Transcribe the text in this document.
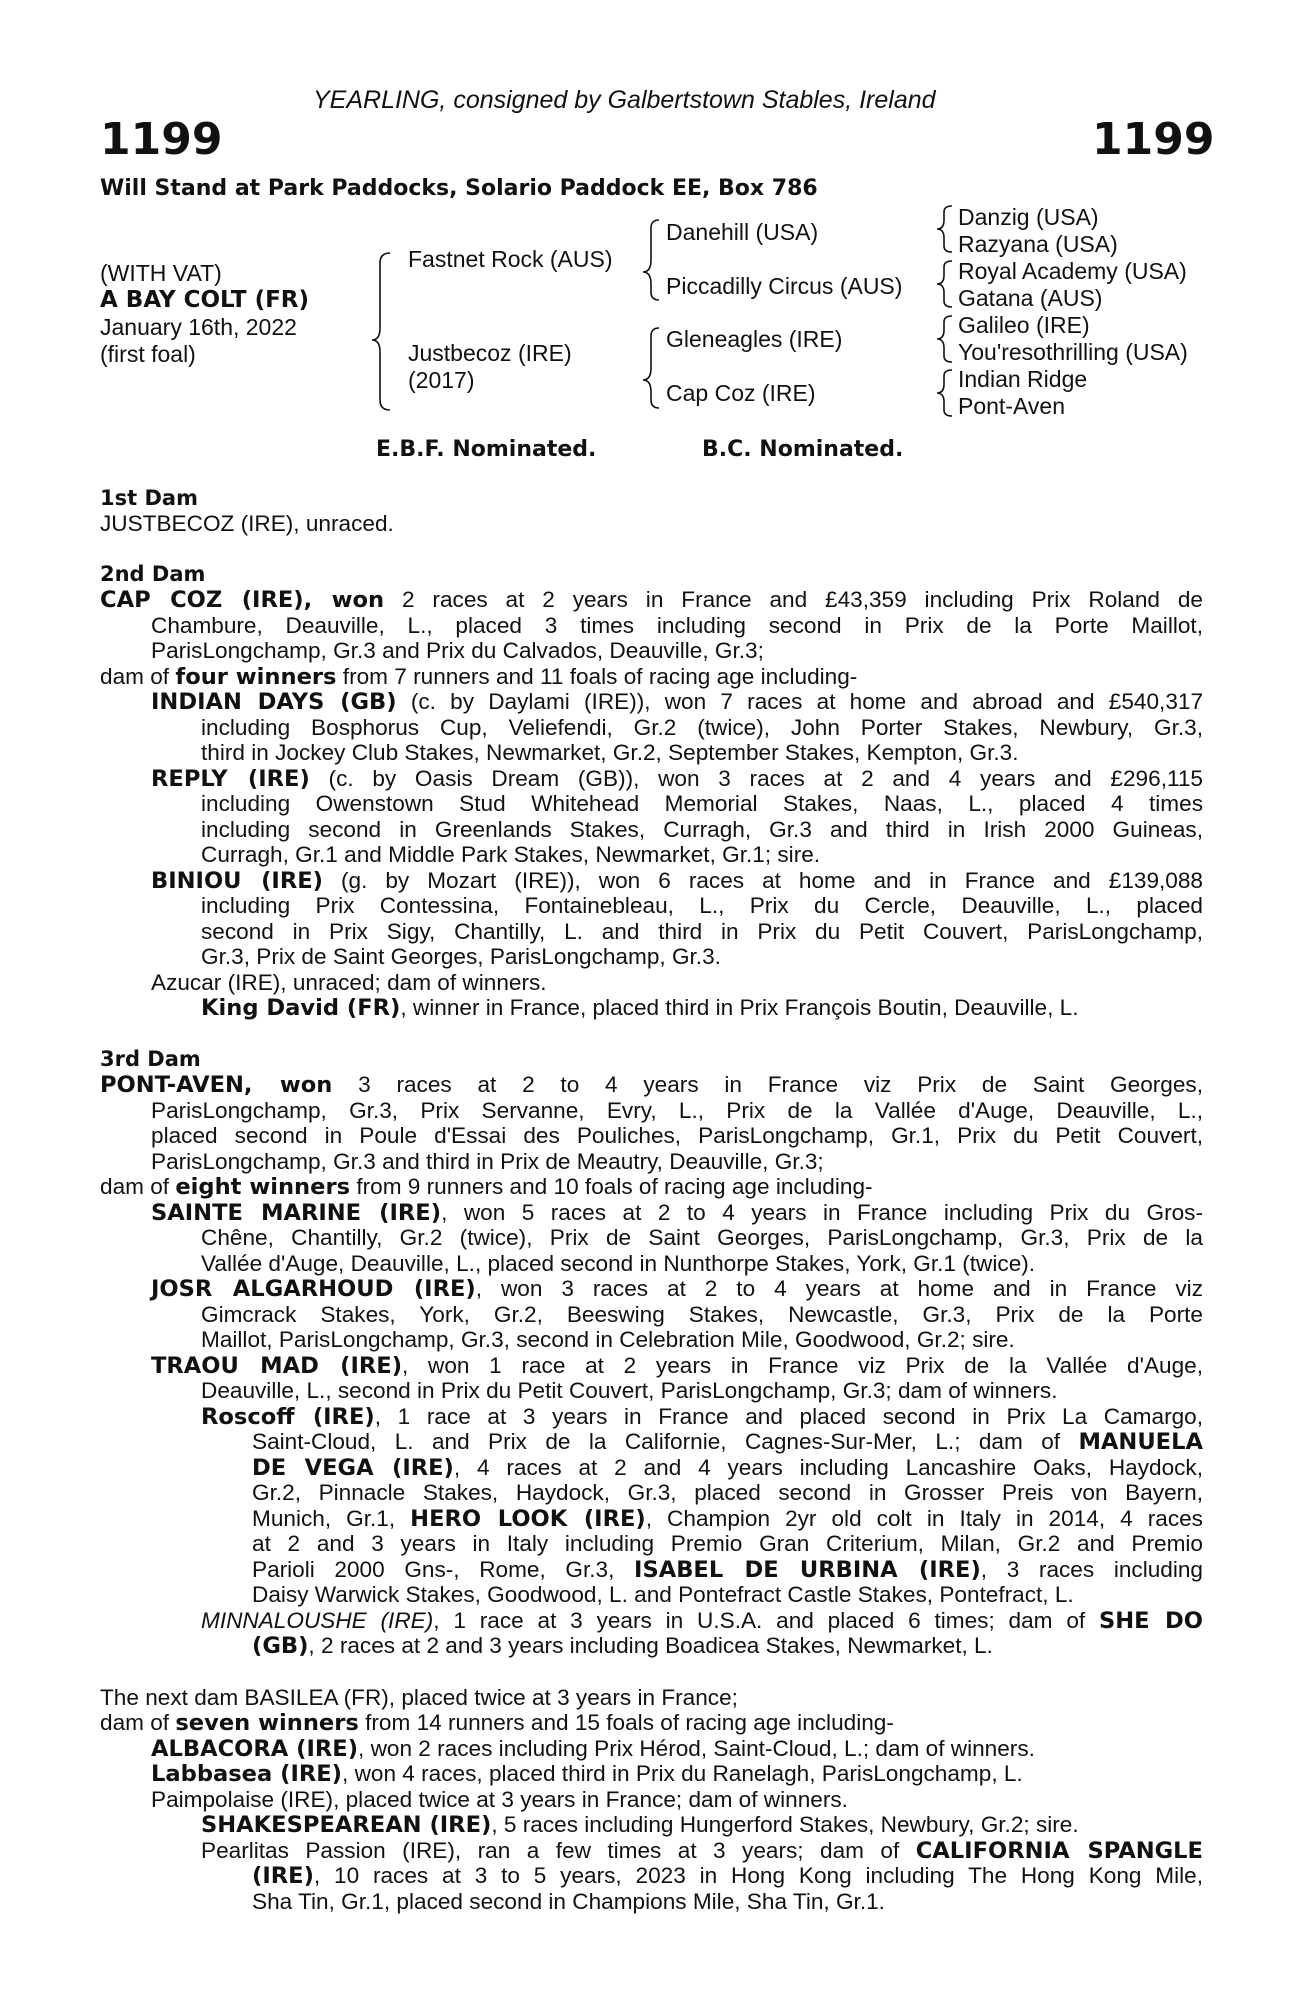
YEARLING, consigned by Galbertstown Stables, Ireland
1199	1199
Will Stand at Park Paddocks, Solario Paddock EE, Box 786
(WITH VAT)
A BAY COLT (FR)
January 16th, 2022
(first foal)
Fastnet Rock (AUS)
Justbecoz (IRE)
(2017)
Danehill (USA)
Piccadilly Circus (AUS)
Gleneagles (IRE)
Cap Coz (IRE)
Danzig (USA)
Razyana (USA)
Royal Academy (USA)
Gatana (AUS)
Galileo (IRE)
You'resothrilling (USA)
Indian Ridge
Pont-Aven
E.B.F. Nominated.	B.C. Nominated.
1st Dam
JUSTBECOZ (IRE), unraced.
2nd Dam
CAP COZ (IRE), won 2 races at 2 years in France and £43,359 including Prix Roland de
Chambure, Deauville, L., placed 3 times including second in Prix de la Porte Maillot,
ParisLongchamp, Gr.3 and Prix du Calvados, Deauville, Gr.3;
dam of four winners from 7 runners and 11 foals of racing age including-
INDIAN DAYS (GB) (c. by Daylami (IRE)), won 7 races at home and abroad and £540,317
including Bosphorus Cup, Veliefendi, Gr.2 (twice), John Porter Stakes, Newbury, Gr.3,
third in Jockey Club Stakes, Newmarket, Gr.2, September Stakes, Kempton, Gr.3.
REPLY (IRE) (c. by Oasis Dream (GB)), won 3 races at 2 and 4 years and £296,115
including Owenstown Stud Whitehead Memorial Stakes, Naas, L., placed 4 times
including second in Greenlands Stakes, Curragh, Gr.3 and third in Irish 2000 Guineas,
Curragh, Gr.1 and Middle Park Stakes, Newmarket, Gr.1; sire.
BINIOU (IRE) (g. by Mozart (IRE)), won 6 races at home and in France and £139,088
including Prix Contessina, Fontainebleau, L., Prix du Cercle, Deauville, L., placed
second in Prix Sigy, Chantilly, L. and third in Prix du Petit Couvert, ParisLongchamp,
Gr.3, Prix de Saint Georges, ParisLongchamp, Gr.3.
Azucar (IRE), unraced; dam of winners.
King David (FR), winner in France, placed third in Prix François Boutin, Deauville, L.
3rd Dam
PONT-AVEN, won 3 races at 2 to 4 years in France viz Prix de Saint Georges,
ParisLongchamp, Gr.3, Prix Servanne, Evry, L., Prix de la Vallée d'Auge, Deauville, L.,
placed second in Poule d'Essai des Pouliches, ParisLongchamp, Gr.1, Prix du Petit Couvert,
ParisLongchamp, Gr.3 and third in Prix de Meautry, Deauville, Gr.3;
dam of eight winners from 9 runners and 10 foals of racing age including-
SAINTE MARINE (IRE), won 5 races at 2 to 4 years in France including Prix du Gros-
Chêne, Chantilly, Gr.2 (twice), Prix de Saint Georges, ParisLongchamp, Gr.3, Prix de la
Vallée d'Auge, Deauville, L., placed second in Nunthorpe Stakes, York, Gr.1 (twice).
JOSR ALGARHOUD (IRE), won 3 races at 2 to 4 years at home and in France viz
Gimcrack Stakes, York, Gr.2, Beeswing Stakes, Newcastle, Gr.3, Prix de la Porte
Maillot, ParisLongchamp, Gr.3, second in Celebration Mile, Goodwood, Gr.2; sire.
TRAOU MAD (IRE), won 1 race at 2 years in France viz Prix de la Vallée d'Auge,
Deauville, L., second in Prix du Petit Couvert, ParisLongchamp, Gr.3; dam of winners.
Roscoff (IRE), 1 race at 3 years in France and placed second in Prix La Camargo,
Saint-Cloud, L. and Prix de la Californie, Cagnes-Sur-Mer, L.; dam of MANUELA
DE VEGA (IRE), 4 races at 2 and 4 years including Lancashire Oaks, Haydock,
Gr.2, Pinnacle Stakes, Haydock, Gr.3, placed second in Grosser Preis von Bayern,
Munich, Gr.1, HERO LOOK (IRE), Champion 2yr old colt in Italy in 2014, 4 races
at 2 and 3 years in Italy including Premio Gran Criterium, Milan, Gr.2 and Premio
Parioli 2000 Gns-, Rome, Gr.3, ISABEL DE URBINA (IRE), 3 races including
Daisy Warwick Stakes, Goodwood, L. and Pontefract Castle Stakes, Pontefract, L.
MINNALOUSHE (IRE), 1 race at 3 years in U.S.A. and placed 6 times; dam of SHE DO
(GB), 2 races at 2 and 3 years including Boadicea Stakes, Newmarket, L.
The next dam BASILEA (FR), placed twice at 3 years in France;
dam of seven winners from 14 runners and 15 foals of racing age including-
ALBACORA (IRE), won 2 races including Prix Hérod, Saint-Cloud, L.; dam of winners.
Labbasea (IRE), won 4 races, placed third in Prix du Ranelagh, ParisLongchamp, L.
Paimpolaise (IRE), placed twice at 3 years in France; dam of winners.
SHAKESPEAREAN (IRE), 5 races including Hungerford Stakes, Newbury, Gr.2; sire.
Pearlitas Passion (IRE), ran a few times at 3 years; dam of CALIFORNIA SPANGLE
(IRE), 10 races at 3 to 5 years, 2023 in Hong Kong including The Hong Kong Mile,
Sha Tin, Gr.1, placed second in Champions Mile, Sha Tin, Gr.1.
